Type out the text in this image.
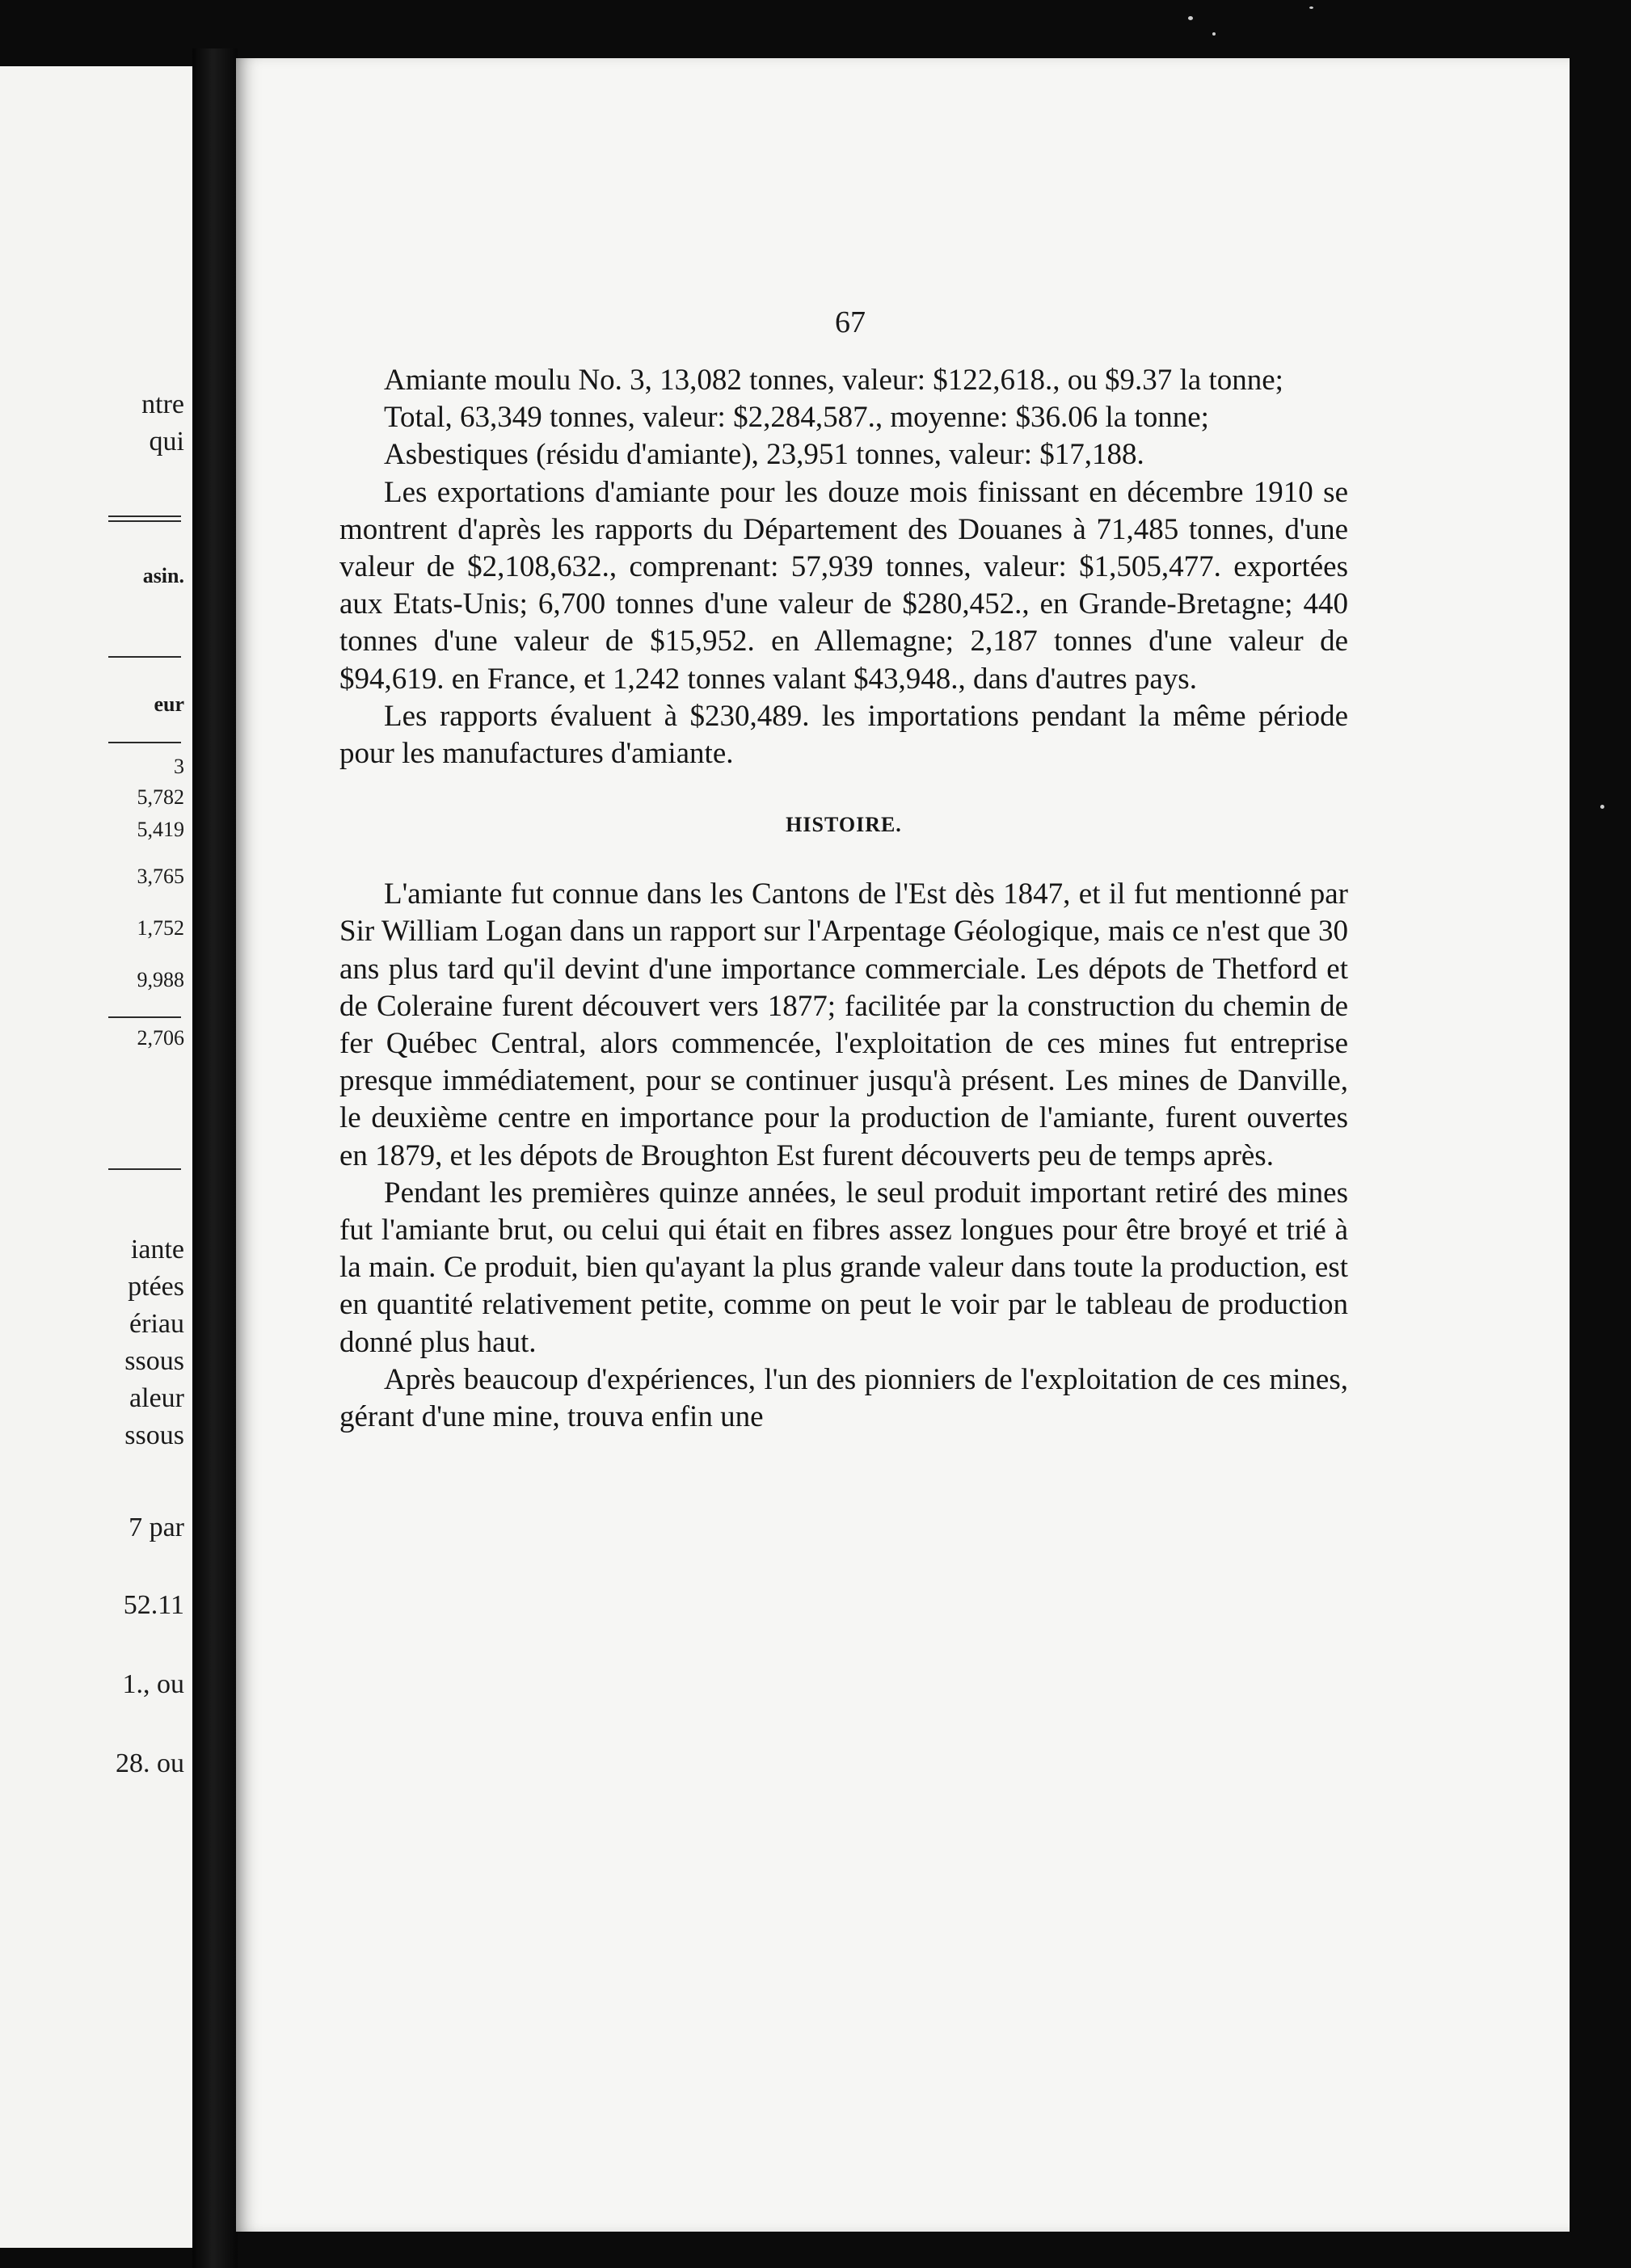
ntre
qui
asin.
eur
3
5,782
5,419
3,765
1,752
9,988
2,706
iante
ptées
ériau
ssous
aleur
ssous
7 par
52.11
1., ou
28. ou
67

Amiante moulu No. 3, 13,082 tonnes, valeur: $122,618., ou $9.37 la tonne;

Total, 63,349 tonnes, valeur: $2,284,587., moyenne: $36.06 la tonne;

Asbestiques (résidu d'amiante), 23,951 tonnes, valeur: $17,188.

Les exportations d'amiante pour les douze mois finissant en décembre 1910 se montrent d'après les rapports du Département des Douanes à 71,485 tonnes, d'une valeur de $2,108,632., comprenant: 57,939 tonnes, valeur: $1,505,477. exportées aux Etats-Unis; 6,700 tonnes d'une valeur de $280,452., en Grande-Bretagne; 440 tonnes d'une valeur de $15,952. en Allemagne; 2,187 tonnes d'une valeur de $94,619. en France, et 1,242 tonnes valant $43,948., dans d'autres pays.

Les rapports évaluent à $230,489. les importations pendant la même période pour les manufactures d'amiante.

HISTOIRE.

L'amiante fut connue dans les Cantons de l'Est dès 1847, et il fut mentionné par Sir William Logan dans un rapport sur l'Arpentage Géologique, mais ce n'est que 30 ans plus tard qu'il devint d'une importance commerciale. Les dépots de Thetford et de Coleraine furent découvert vers 1877; facilitée par la construction du chemin de fer Québec Central, alors commencée, l'exploitation de ces mines fut entreprise presque immédiatement, pour se continuer jusqu'à présent. Les mines de Danville, le deuxième centre en importance pour la production de l'amiante, furent ouvertes en 1879, et les dépots de Broughton Est furent découverts peu de temps après.

Pendant les premières quinze années, le seul produit important retiré des mines fut l'amiante brut, ou celui qui était en fibres assez longues pour être broyé et trié à la main. Ce produit, bien qu'ayant la plus grande valeur dans toute la production, est en quantité relativement petite, comme on peut le voir par le tableau de production donné plus haut.

Après beaucoup d'expériences, l'un des pionniers de l'exploitation de ces mines, gérant d'une mine, trouva enfin une
